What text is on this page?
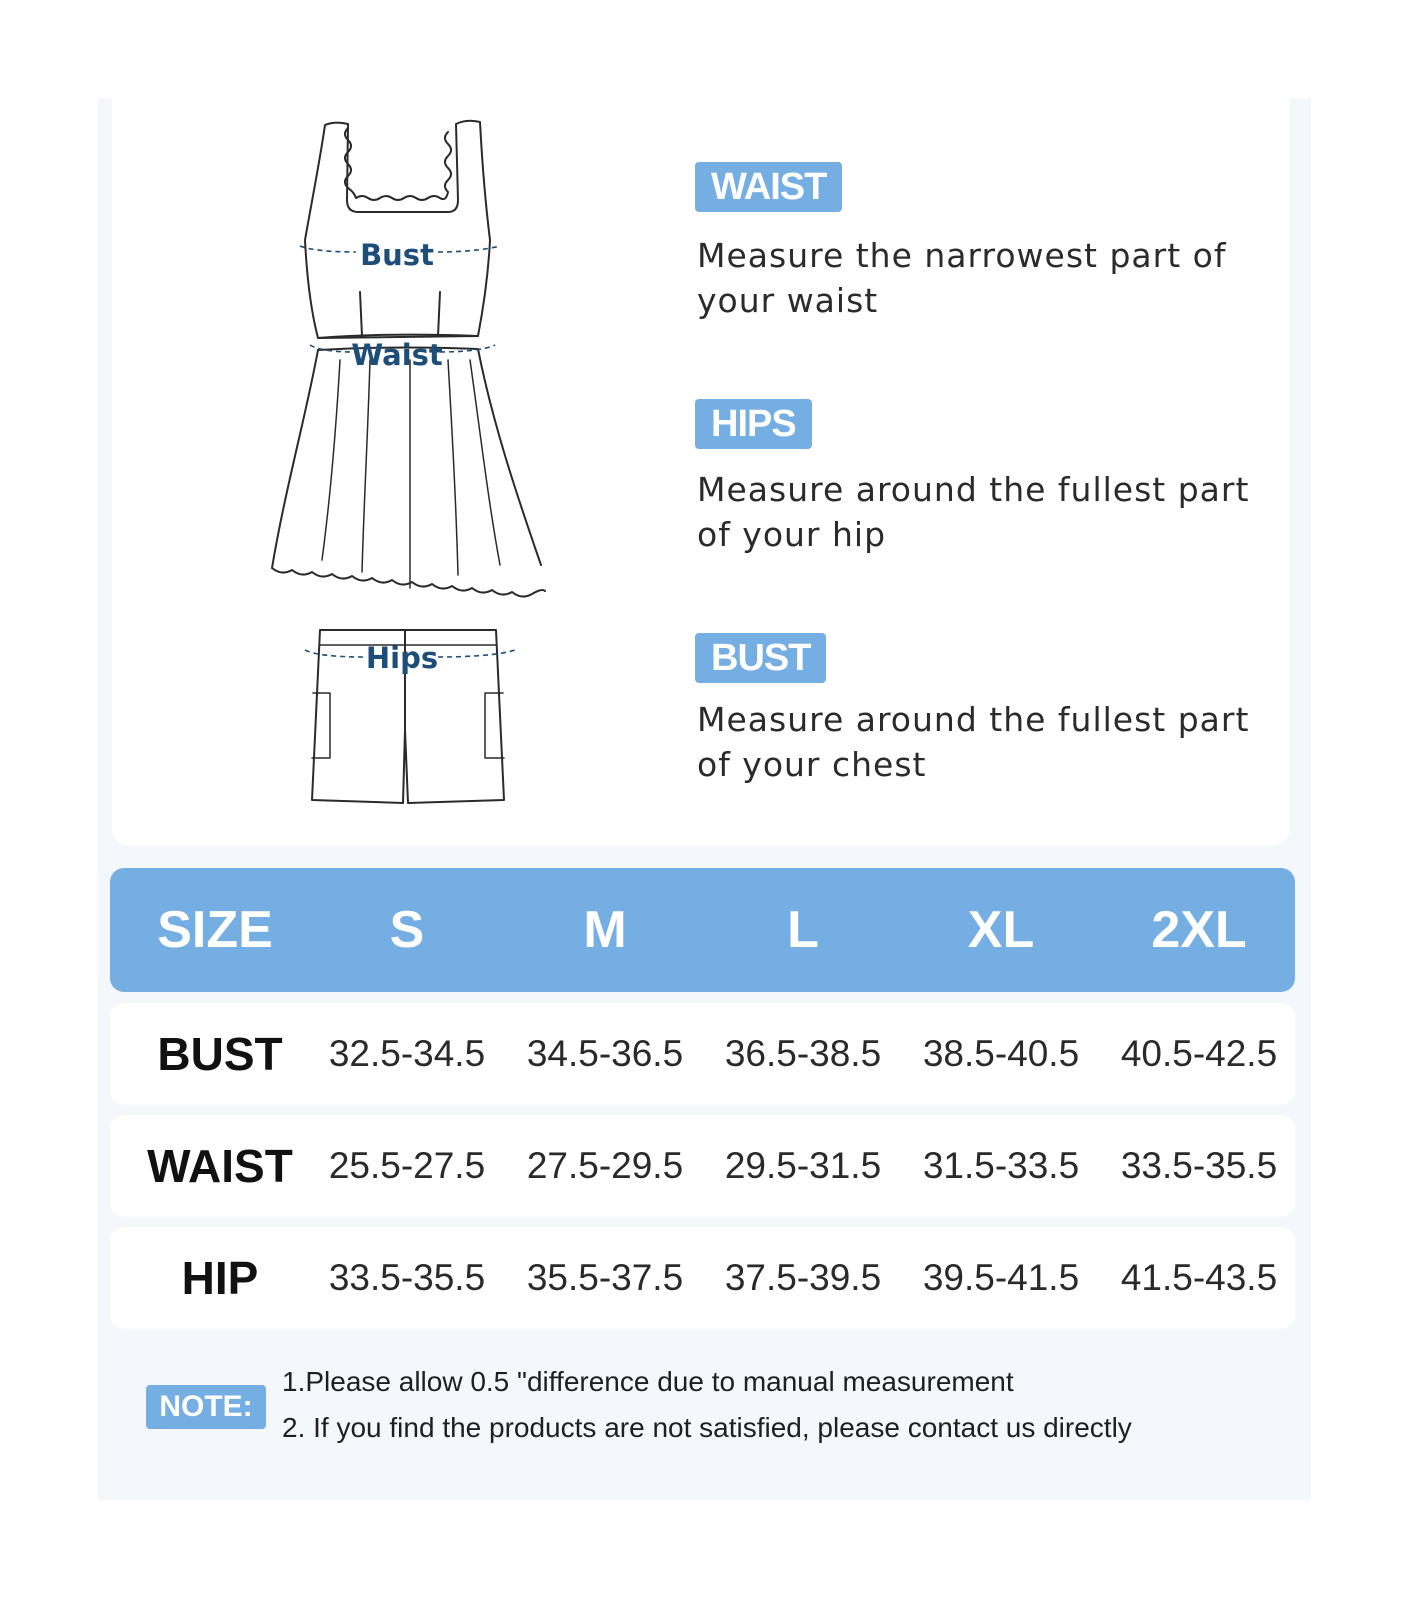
Bust
Waist
Hips
WAIST
Measure the narrowest part of
your waist
HIPS
Measure around the fullest part
of your hip
BUST
Measure around the fullest part
of your chest
SIZE	S	M	L	XL	2XL
BUST	32.5-34.5	34.5-36.5	36.5-38.5	38.5-40.5	40.5-42.5
WAIST 25.5-27.5	27.5-29.5	29.5-31.5	31.5-33.5	33.5-35.5
HIP	33.5-35.5	35.5-37.5	37.5-39.5	39.5-41.5	41.5-43.5
NOTE:
1.Please allow 0.5 "difference due to manual measurement
2. If you find the products are not satisfied, please contact us directly
